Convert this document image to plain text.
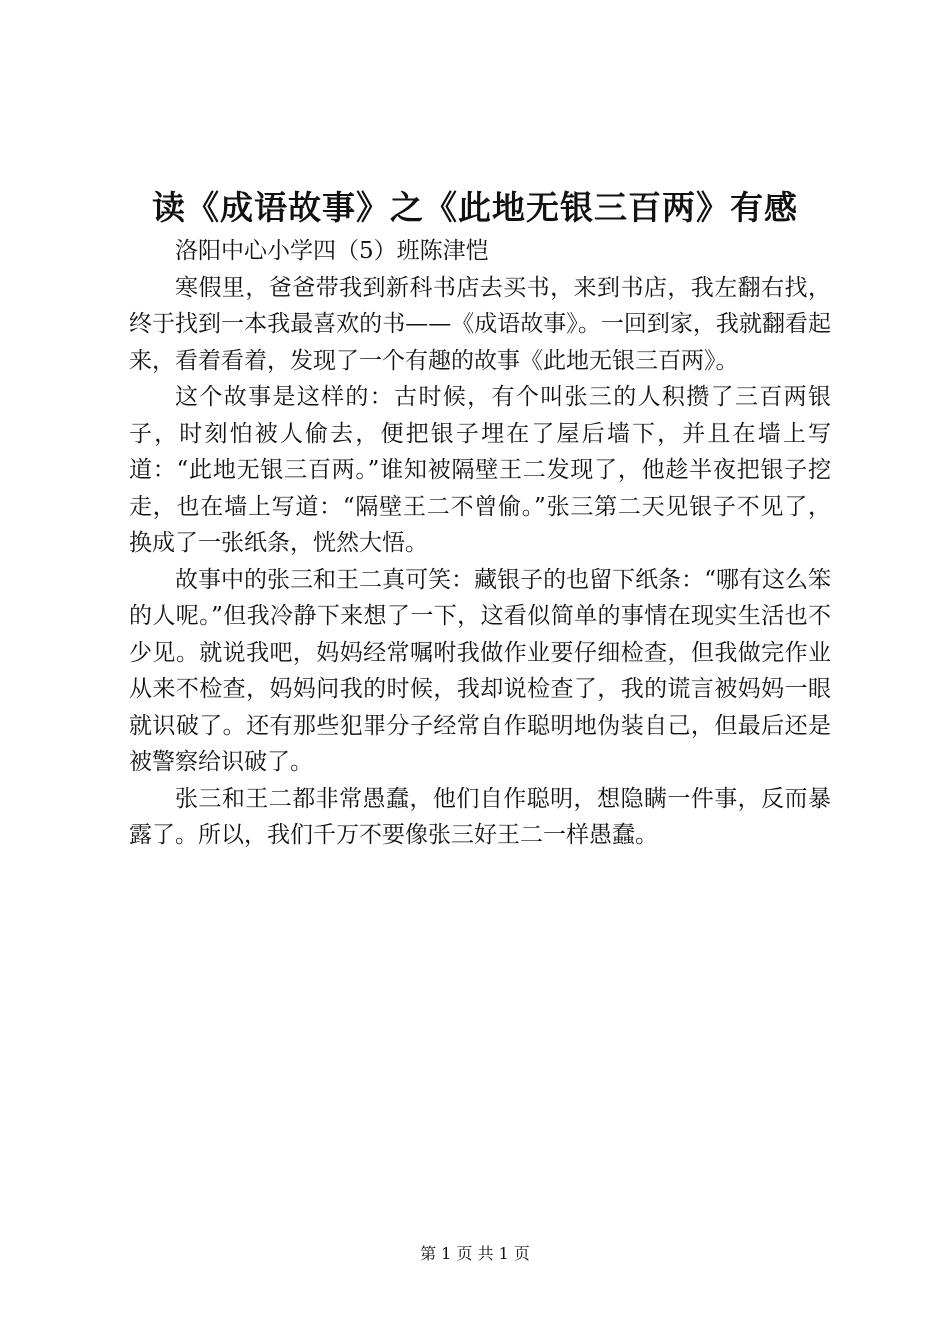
读《成语故事》之《此地无银三百两》有感

洛阳中心小学四（5）班陈津恺

寒假里，爸爸带我到新科书店去买书，来到书店，我左翻右找，终于找到一本我最喜欢的书——《成语故事》。一回到家，我就翻看起来，看着看着，发现了一个有趣的故事《此地无银三百两》。

这个故事是这样的：古时候，有个叫张三的人积攒了三百两银子，时刻怕被人偷去，便把银子埋在了屋后墙下，并且在墙上写道：“此地无银三百两。”谁知被隔壁王二发现了，他趁半夜把银子挖走，也在墙上写道：“隔壁王二不曾偷。”张三第二天见银子不见了，换成了一张纸条，恍然大悟。

故事中的张三和王二真可笑：藏银子的也留下纸条：“哪有这么笨的人呢。”但我冷静下来想了一下，这看似简单的事情在现实生活也不少见。就说我吧，妈妈经常嘱咐我做作业要仔细检查，但我做完作业从来不检查，妈妈问我的时候，我却说检查了，我的谎言被妈妈一眼就识破了。还有那些犯罪分子经常自作聪明地伪装自己，但最后还是被警察给识破了。

张三和王二都非常愚蠢，他们自作聪明，想隐瞒一件事，反而暴露了。所以，我们千万不要像张三好王二一样愚蠢。

第 1 页 共 1 页
